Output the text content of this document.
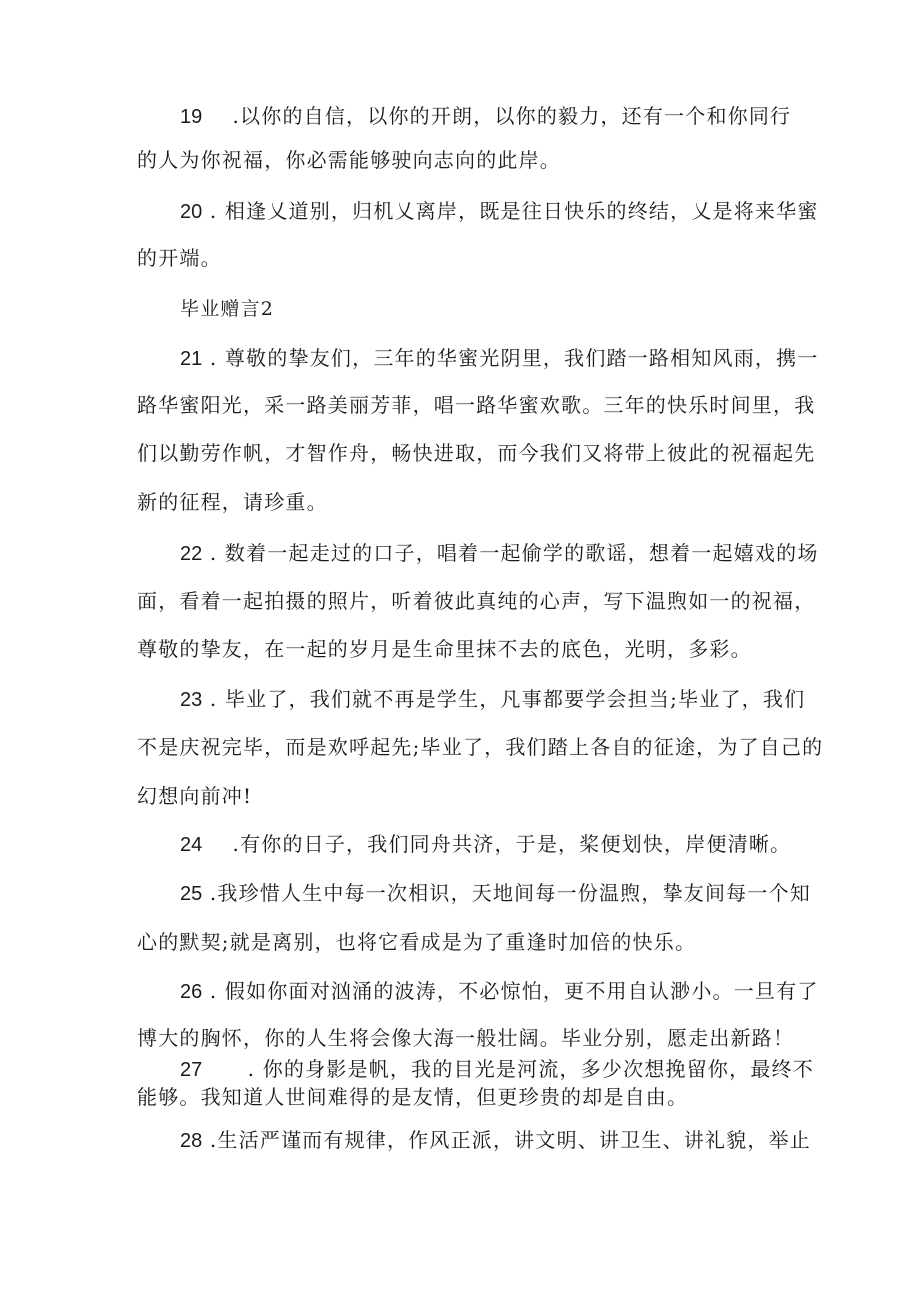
19 .以你的自信，以你的开朗，以你的毅力，还有一个和你同行
的人为你祝福，你必需能够驶向志向的此岸。
20 . 相逢乂道别，归机乂离岸，既是往日快乐的终结，乂是将来华蜜
的开端。
毕业赠言2
21 . 尊敬的挚友们，三年的华蜜光阴里，我们踏一路相知风雨，携一
路华蜜阳光，采一路美丽芳菲，唱一路华蜜欢歌。三年的快乐时间里，我
们以勤劳作帆，才智作舟，畅快进取，而今我们又将带上彼此的祝福起先
新的征程，请珍重。
22 . 数着一起走过的口子，唱着一起偷学的歌谣，想着一起嬉戏的场
面，看着一起拍摄的照片，听着彼此真纯的心声，写下温煦如一的祝福，
尊敬的挚友，在一起的岁月是生命里抹不去的底色，光明，多彩。
23 . 毕业了，我们就不再是学生，凡事都要学会担当;毕业了，我们
不是庆祝完毕，而是欢呼起先;毕业了，我们踏上各自的征途，为了自己的
幻想向前冲!
24 .有你的日子，我们同舟共济，于是，桨便划快，岸便清晰。
25 .我珍惜人生中每一次相识，天地间每一份温煦，挚友间每一个知
心的默契;就是离别，也将它看成是为了重逢时加倍的快乐。
26 . 假如你面对汹涌的波涛，不必惊怕，更不用自认渺小。一旦有了
博大的胸怀，你的人生将会像大海一般壮阔。毕业分别，愿走出新路！
27 . 你的身影是帆，我的目光是河流，多少次想挽留你，最终不
能够。我知道人世间难得的是友情，但更珍贵的却是自由。
28 .生活严谨而有规律，作风正派，讲文明、讲卫生、讲礼貌，举止
